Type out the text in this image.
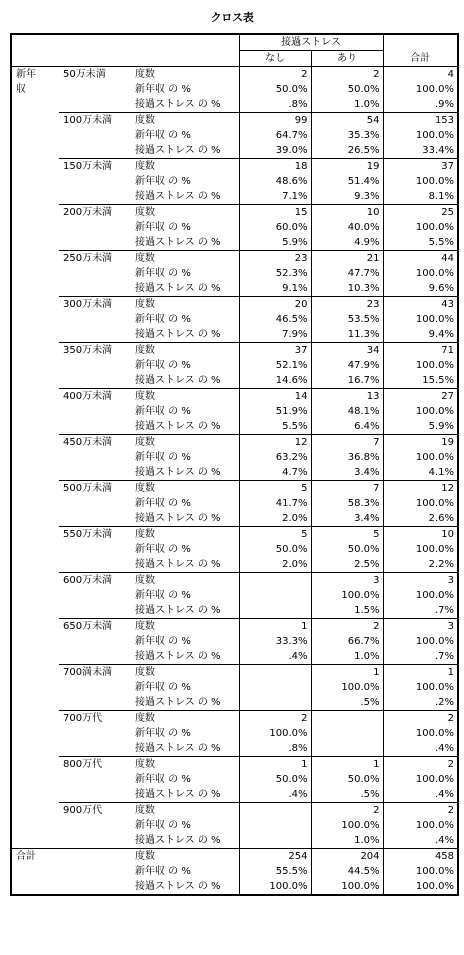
クロス表
			接過ストレス		合計
			なし	あり	
新年収	50万未満	度数	2	2	4
		新年収 の %	50.0%	50.0%	100.0%
		接過ストレス の %	.8%	1.0%	.9%
	100万未満	度数	99	54	153
		新年収 の %	64.7%	35.3%	100.0%
		接過ストレス の %	39.0%	26.5%	33.4%
	150万未満	度数	18	19	37
		新年収 の %	48.6%	51.4%	100.0%
		接過ストレス の %	7.1%	9.3%	8.1%
	200万未満	度数	15	10	25
		新年収 の %	60.0%	40.0%	100.0%
		接過ストレス の %	5.9%	4.9%	5.5%
	250万未満	度数	23	21	44
		新年収 の %	52.3%	47.7%	100.0%
		接過ストレス の %	9.1%	10.3%	9.6%
	300万未満	度数	20	23	43
		新年収 の %	46.5%	53.5%	100.0%
		接過ストレス の %	7.9%	11.3%	9.4%
	350万未満	度数	37	34	71
		新年収 の %	52.1%	47.9%	100.0%
		接過ストレス の %	14.6%	16.7%	15.5%
	400万未満	度数	14	13	27
		新年収 の %	51.9%	48.1%	100.0%
		接過ストレス の %	5.5%	6.4%	5.9%
	450万未満	度数	12	7	19
		新年収 の %	63.2%	36.8%	100.0%
		接過ストレス の %	4.7%	3.4%	4.1%
	500万未満	度数	5	7	12
		新年収 の %	41.7%	58.3%	100.0%
		接過ストレス の %	2.0%	3.4%	2.6%
	550万未満	度数	5	5	10
		新年収 の %	50.0%	50.0%	100.0%
		接過ストレス の %	2.0%	2.5%	2.2%
	600万未満	度数		3	3
		新年収 の %		100.0%	100.0%
		接過ストレス の %		1.5%	.7%
	650万未満	度数	1	2	3
		新年収 の %	33.3%	66.7%	100.0%
		接過ストレス の %	.4%	1.0%	.7%
	700満未満	度数		1	1
		新年収 の %		100.0%	100.0%
		接過ストレス の %		.5%	.2%
	700万代	度数	2		2
		新年収 の %	100.0%		100.0%
		接過ストレス の %	.8%		.4%
	800万代	度数	1	1	2
		新年収 の %	50.0%	50.0%	100.0%
		接過ストレス の %	.4%	.5%	.4%
	900万代	度数		2	2
		新年収 の %		100.0%	100.0%
		接過ストレス の %		1.0%	.4%
合計		度数	254	204	458
		新年収 の %	55.5%	44.5%	100.0%
		接過ストレス の %	100.0%	100.0%	100.0%
